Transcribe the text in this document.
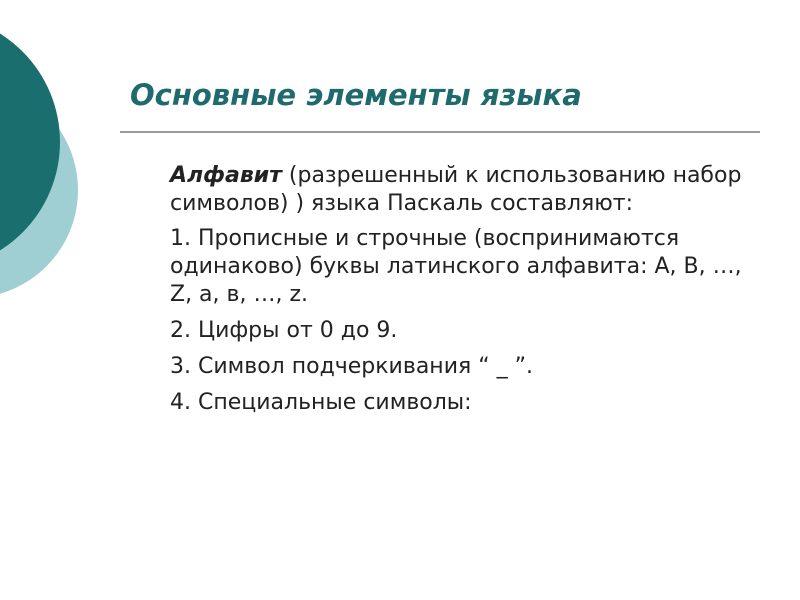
Основные элементы языка

Алфавит (разрешенный к использованию набор символов) ) языка Паскаль составляют:

1. Прописные и строчные (воспринимаются одинаково) буквы латинского алфавита: A, B, …, Z, a, в, …, z.

2. Цифры от 0 до 9.

3. Символ подчеркивания “ _ ”.

4. Специальные символы:
